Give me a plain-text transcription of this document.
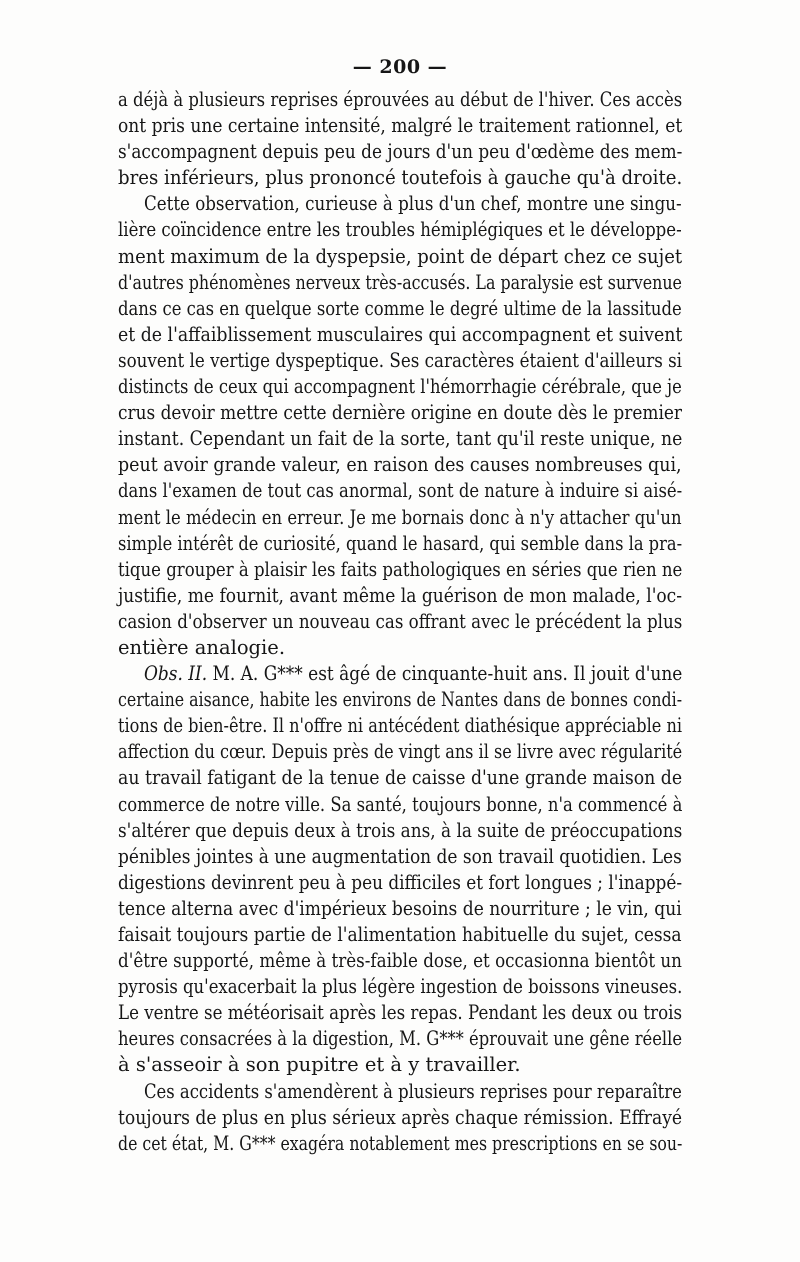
— 200 —
a déjà à plusieurs reprises éprouvées au début de l'hiver. Ces accès
ont pris une certaine intensité, malgré le traitement rationnel, et
s'accompagnent depuis peu de jours d'un peu d'œdème des mem-
bres inférieurs, plus prononcé toutefois à gauche qu'à droite.
Cette observation, curieuse à plus d'un chef, montre une singu-
lière coïncidence entre les troubles hémiplégiques et le développe-
ment maximum de la dyspepsie, point de départ chez ce sujet
d'autres phénomènes nerveux très-accusés. La paralysie est survenue
dans ce cas en quelque sorte comme le degré ultime de la lassitude
et de l'affaiblissement musculaires qui accompagnent et suivent
souvent le vertige dyspeptique. Ses caractères étaient d'ailleurs si
distincts de ceux qui accompagnent l'hémorrhagie cérébrale, que je
crus devoir mettre cette dernière origine en doute dès le premier
instant. Cependant un fait de la sorte, tant qu'il reste unique, ne
peut avoir grande valeur, en raison des causes nombreuses qui,
dans l'examen de tout cas anormal, sont de nature à induire si aisé-
ment le médecin en erreur. Je me bornais donc à n'y attacher qu'un
simple intérêt de curiosité, quand le hasard, qui semble dans la pra-
tique grouper à plaisir les faits pathologiques en séries que rien ne
justifie, me fournit, avant même la guérison de mon malade, l'oc-
casion d'observer un nouveau cas offrant avec le précédent la plus
entière analogie.
Obs. II. M. A. G*** est âgé de cinquante-huit ans. Il jouit d'une
certaine aisance, habite les environs de Nantes dans de bonnes condi-
tions de bien-être. Il n'offre ni antécédent diathésique appréciable ni
affection du cœur. Depuis près de vingt ans il se livre avec régularité
au travail fatigant de la tenue de caisse d'une grande maison de
commerce de notre ville. Sa santé, toujours bonne, n'a commencé à
s'altérer que depuis deux à trois ans, à la suite de préoccupations
pénibles jointes à une augmentation de son travail quotidien. Les
digestions devinrent peu à peu difficiles et fort longues ; l'inappé-
tence alterna avec d'impérieux besoins de nourriture ; le vin, qui
faisait toujours partie de l'alimentation habituelle du sujet, cessa
d'être supporté, même à très-faible dose, et occasionna bientôt un
pyrosis qu'exacerbait la plus légère ingestion de boissons vineuses.
Le ventre se météorisait après les repas. Pendant les deux ou trois
heures consacrées à la digestion, M. G*** éprouvait une gêne réelle
à s'asseoir à son pupitre et à y travailler.
Ces accidents s'amendèrent à plusieurs reprises pour reparaître
toujours de plus en plus sérieux après chaque rémission. Effrayé
de cet état, M. G*** exagéra notablement mes prescriptions en se sou-
